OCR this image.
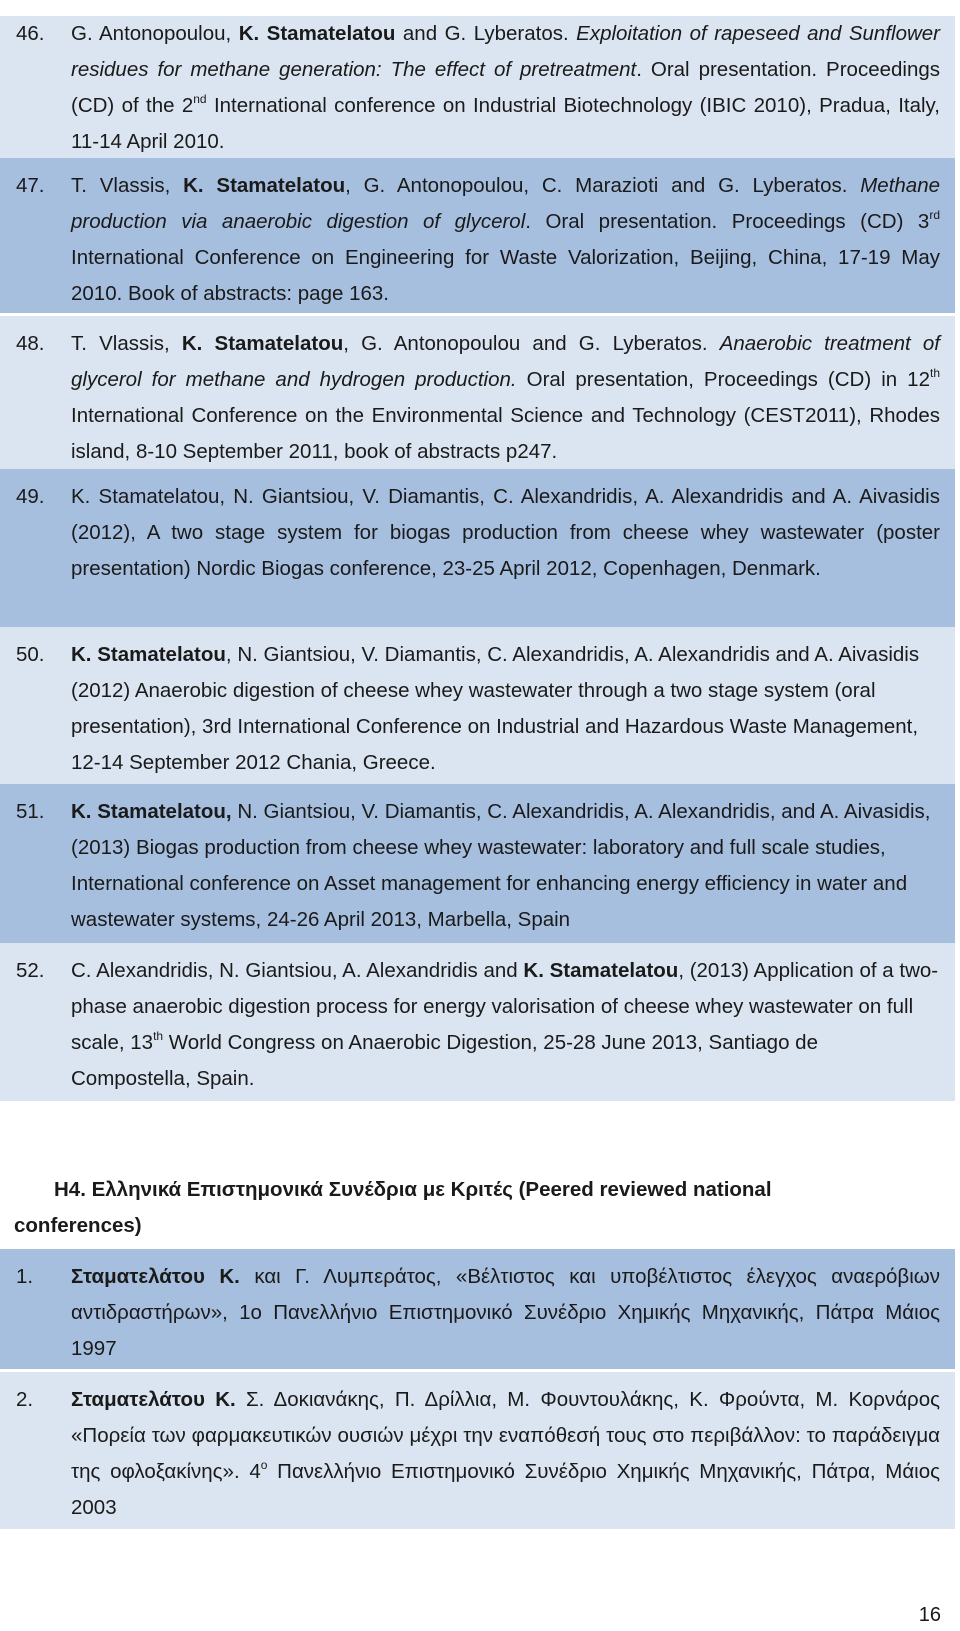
46.	G. Antonopoulou, K. Stamatelatou and G. Lyberatos. Exploitation of rapeseed and Sunflower residues for methane generation: The effect of pretreatment. Oral presentation. Proceedings (CD) of the 2nd International conference on Industrial Biotechnology (IBIC 2010), Pradua, Italy, 11-14 April 2010.
47.	T. Vlassis, K. Stamatelatou, G. Antonopoulou, C. Marazioti and G. Lyberatos. Methane production via anaerobic digestion of glycerol. Oral presentation. Proceedings (CD) 3rd International Conference on Engineering for Waste Valorization, Beijing, China, 17-19 May 2010. Book of abstracts: page 163.
48.	T. Vlassis, K. Stamatelatou, G. Antonopoulou and G. Lyberatos. Anaerobic treatment of glycerol for methane and hydrogen production. Oral presentation, Proceedings (CD) in 12th International Conference on the Environmental Science and Technology (CEST2011), Rhodes island, 8-10 September 2011, book of abstracts p247.
49.	K. Stamatelatou, N. Giantsiou, V. Diamantis, C. Alexandridis, A. Alexandridis and A. Aivasidis (2012), A two stage system for biogas production from cheese whey wastewater (poster presentation) Nordic Biogas conference, 23-25 April 2012, Copenhagen, Denmark.
50.	K. Stamatelatou, N. Giantsiou, V. Diamantis, C. Alexandridis, A. Alexandridis and A. Aivasidis (2012) Anaerobic digestion of cheese whey wastewater through a two stage system (oral presentation), 3rd International Conference on Industrial and Hazardous Waste Management, 12-14 September 2012 Chania, Greece.
51.	K. Stamatelatou, N. Giantsiou, V. Diamantis, C. Alexandridis, A. Alexandridis, and A. Aivasidis,(2013) Biogas production from cheese whey wastewater: laboratory and full scale studies, International conference on Asset management for enhancing energy efficiency in water and wastewater systems, 24-26 April 2013, Marbella, Spain
52.	C. Alexandridis, N. Giantsiou, A. Alexandridis and K. Stamatelatou, (2013) Application of a two-phase anaerobic digestion process for energy valorisation of cheese whey wastewater on full scale, 13th World Congress on Anaerobic Digestion, 25-28 June 2013, Santiago de Compostella, Spain.
H4. Ελληνικά Επιστημονικά Συνέδρια με Κριτές (Peered reviewed national
conferences)
1.	Σταματελάτου Κ. και Γ. Λυμπεράτος, «Βέλτιστος και υποβέλτιστος έλεγχος αναερόβιων αντιδραστήρων», 1ο Πανελλήνιο Επιστημονικό Συνέδριο Χημικής Μηχανικής, Πάτρα Μάιος 1997
2.	Σταματελάτου Κ. Σ. Δοκιανάκης, Π. Δρίλλια, Μ. Φουντουλάκης, Κ. Φρούντα, Μ. Κορνάρος «Πορεία των φαρμακευτικών ουσιών μέχρι την εναπόθεσή τους στο περιβάλλον: το παράδειγμα της οφλοξακίνης». $4^o$ Πανελλήνιο Επιστημονικό Συνέδριο Χημικής Μηχανικής, Πάτρα, Μάιος 2003
16
